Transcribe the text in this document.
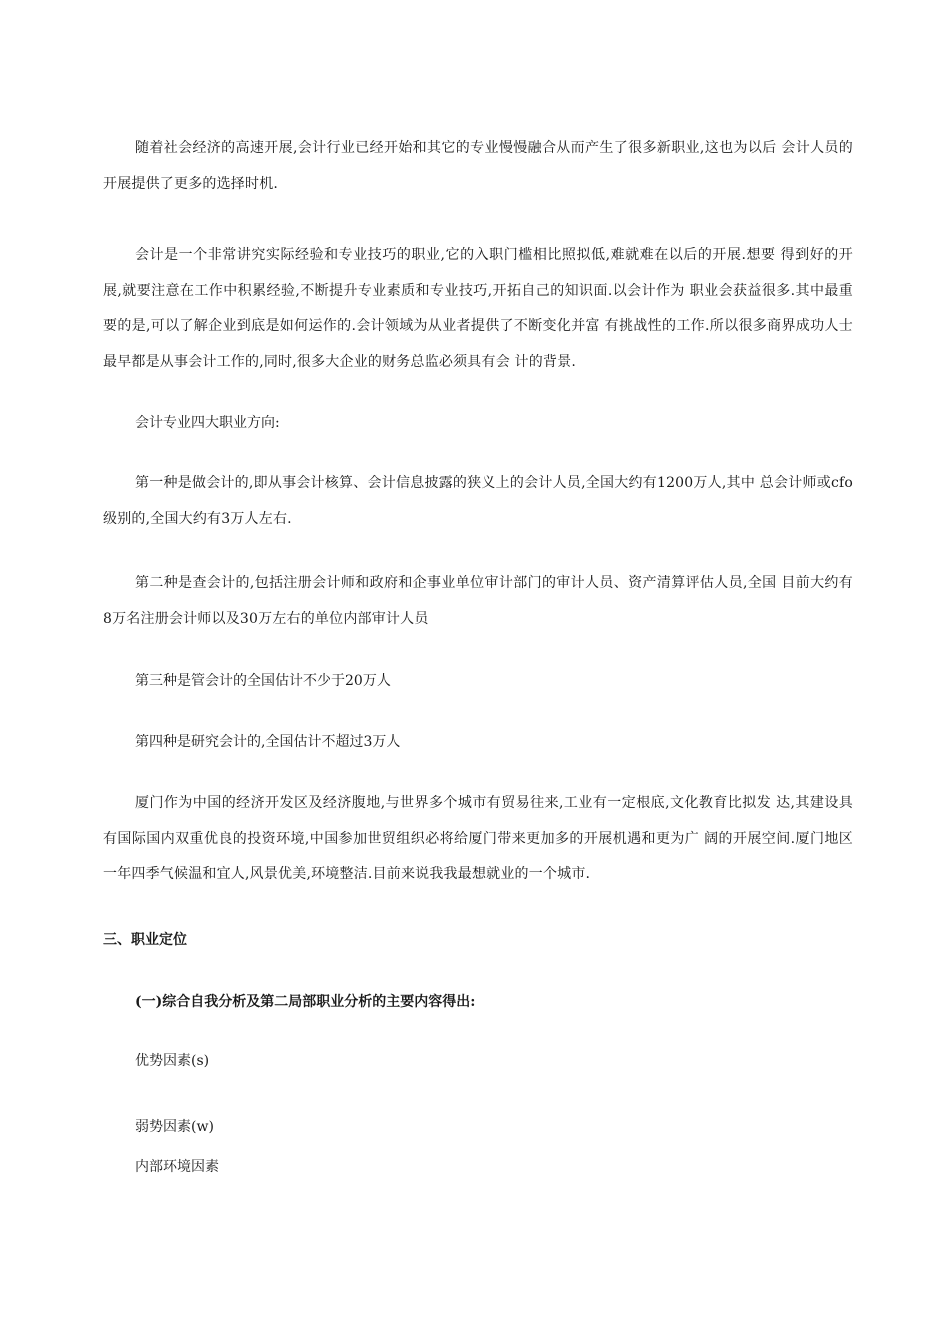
随着社会经济的高速开展,会计行业已经开始和其它的专业慢慢融合从而产生了很多新职业,这也为以后 会计人员的开展提供了更多的选择时机.

会计是一个非常讲究实际经验和专业技巧的职业,它的入职门槛相比照拟低,难就难在以后的开展.想要 得到好的开展,就要注意在工作中积累经验,不断提升专业素质和专业技巧,开拓自己的知识面.以会计作为 职业会获益很多.其中最重要的是,可以了解企业到底是如何运作的.会计领域为从业者提供了不断变化并富 有挑战性的工作.所以很多商界成功人士最早都是从事会计工作的,同时,很多大企业的财务总监必须具有会 计的背景.

会计专业四大职业方向:

第一种是做会计的,即从事会计核算、会计信息披露的狭义上的会计人员,全国大约有1200万人,其中 总会计师或cfo级别的,全国大约有3万人左右.

第二种是查会计的,包括注册会计师和政府和企事业单位审计部门的审计人员、资产清算评估人员,全国 目前大约有8万名注册会计师以及30万左右的单位内部审计人员

第三种是管会计的全国估计不少于20万人

第四种是研究会计的,全国估计不超过3万人

厦门作为中国的经济开发区及经济腹地,与世界多个城市有贸易往来,工业有一定根底,文化教育比拟发 达,其建设具有国际国内双重优良的投资环境,中国参加世贸组织必将给厦门带来更加多的开展机遇和更为广 阔的开展空间.厦门地区一年四季气候温和宜人,风景优美,环境整洁.目前来说我我最想就业的一个城市.

三、职业定位

(一)综合自我分析及第二局部职业分析的主要内容得出:

优势因素(s)

弱势因素(w)

内部环境因素
